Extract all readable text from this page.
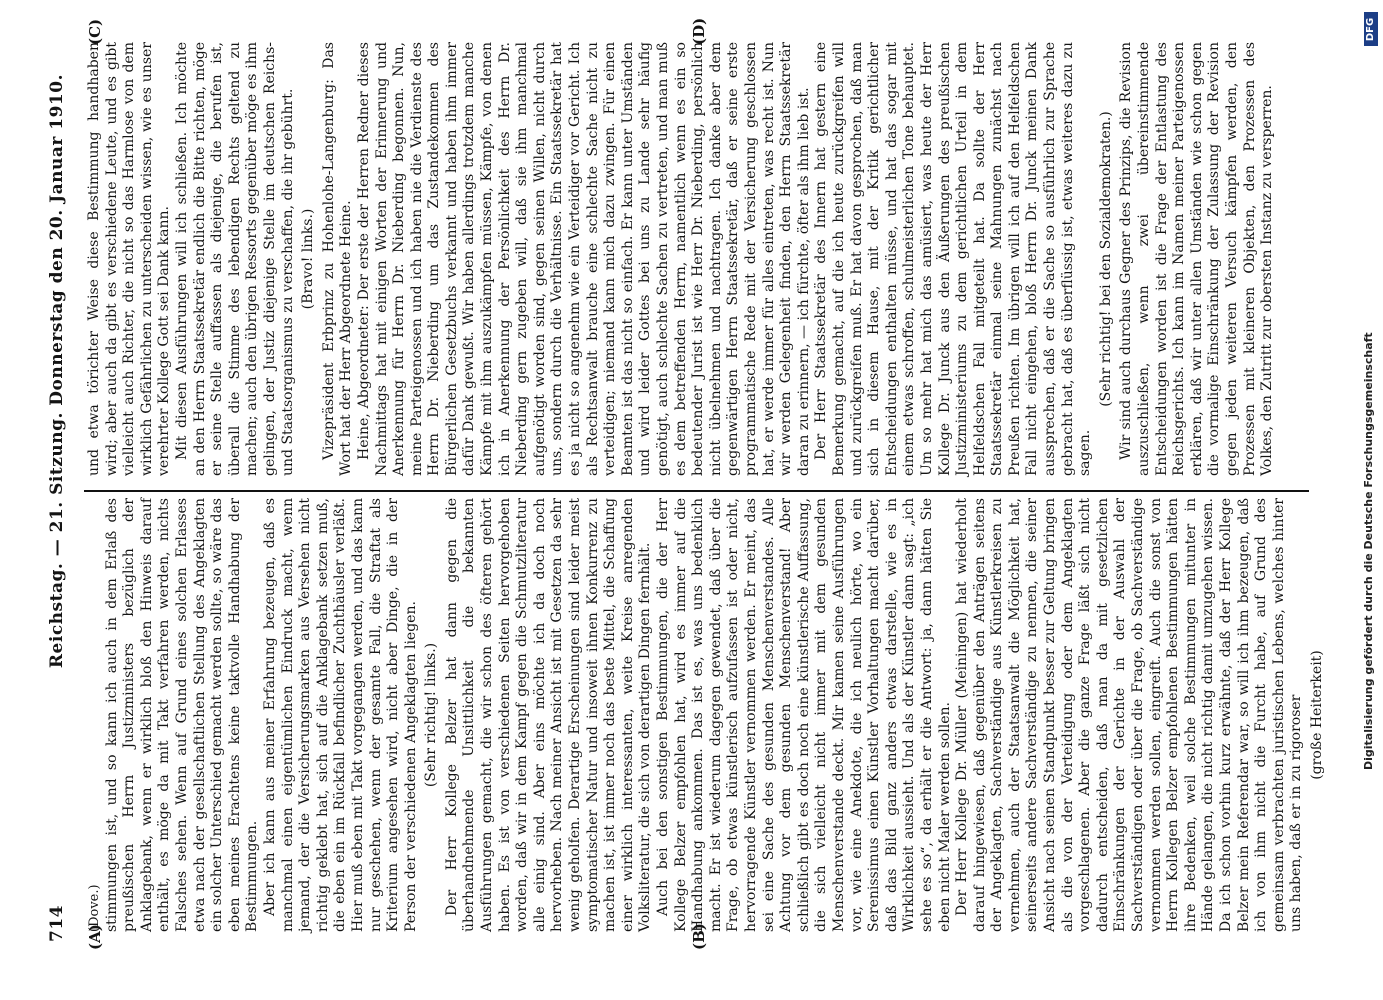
714
Reichstag. — 21. Sitzung. Donnerstag den 20. Januar 1910.
(A)	(B)
(C)	(D)

(Dove.) stimmungen ist, und so kann ich auch in dem Erlaß des preußischen Herrn Justizministers bezüglich der Anklagebank, wenn er wirklich bloß den Hinweis darauf enthält, es möge da mit Takt verfahren werden, nichts Falsches sehen. Wenn auf Grund eines solchen Erlasses etwa nach der gesellschaftlichen Stellung des Angeklagten ein solcher Unterschied gemacht werden sollte, so wäre das eben meines Erachtens keine taktvolle Handhabung der Bestimmungen. Aber ich kann aus meiner Erfahrung bezeugen, daß es manchmal einen eigentümlichen Eindruck macht, wenn jemand, der die Versicherungsmarken aus Versehen nicht richtig geklebt hat, sich auf die Anklagebank setzen muß, die eben ein im Rückfall befindlicher Zuchthäusler verläßt. Hier muß eben mit Takt vorgegangen werden, und das kann nur geschehen, wenn der gesamte Fall, die Straftat als Kriterium angesehen wird, nicht aber Dinge, die in der Person der verschiedenen Angeklagten liegen. (Sehr richtig! links.) Der Herr Kollege Belzer hat dann gegen die überhandnehmende Unsittlichkeit die bekannten Ausführungen gemacht, die wir schon des öfteren gehört haben. Es ist von verschiedenen Seiten hervorgehoben worden, daß wir in dem Kampf gegen die Schmutzliteratur alle einig sind. Aber eins möchte ich da doch noch hervorheben. Nach meiner Ansicht ist mit Gesetzen da sehr wenig geholfen. Derartige Erscheinungen sind leider meist symptomatischer Natur und insoweit ihnen Konkurrenz zu machen ist, ist immer noch das beste Mittel, die Schaffung einer wirklich interessanten, weite Kreise anregenden Volksliteratur, die sich von derartigen Dingen fernhält. Auch bei den sonstigen Bestimmungen, die der Herr Kollege Belzer empfohlen hat, wird es immer auf die Handhabung ankommen. Das ist es, was uns bedenklich macht. Er ist wiederum dagegen gewendet, daß über die Frage, ob etwas künstlerisch aufzufassen ist oder nicht, hervorragende Künstler vernommen werden. Er meint, das sei eine Sache des gesunden Menschenverstandes. Alle Achtung vor dem gesunden Menschenverstand! Aber schließlich gibt es doch noch eine künstlerische Auffassung, die sich vielleicht nicht immer mit dem gesunden Menschenverstande deckt. Mir kamen seine Ausführungen vor, wie eine Anekdote, die ich neulich hörte, wo ein Serenissimus einen Künstler Vorhaltungen macht darüber, daß das Bild ganz anders etwas darstelle, wie es in Wirklichkeit aussieht. Und als der Künstler dann sagt: „ich sehe es so“, da erhält er die Antwort: ja, dann hätten Sie eben nicht Maler werden sollen. Der Herr Kollege Dr. Müller (Meiningen) hat wiederholt darauf hingewiesen, daß gegenüber den Anträgen seitens der Angeklagten, Sachverständige aus Künstlerkreisen zu vernehmen, auch der Staatsanwalt die Möglichkeit hat, seinerseits andere Sachverständige zu nennen, die seiner Ansicht nach seinen Standpunkt besser zur Geltung bringen als die von der Verteidigung oder dem Angeklagten vorgeschlagenen. Aber die ganze Frage läßt sich nicht dadurch entscheiden, daß man da mit gesetzlichen Einschränkungen der Gerichte in der Auswahl der Sachverständigen oder über die Frage, ob Sachverständige vernommen werden sollen, eingreift. Auch die sonst von Herrn Kollegen Belzer empfohlenen Bestimmungen hätten ihre Bedenken, weil solche Bestimmungen mitunter in Hände gelangen, die nicht richtig damit umzugehen wissen. Da ich schon vorhin kurz erwähnte, daß der Herr Kollege Belzer mein Referendar war, so will ich ihm bezeugen, daß ich von ihm nicht die Furcht habe, auf Grund des gemeinsam verbrachten juristischen Lebens, welches hinter uns haben, daß er in zu rigoroser (große Heiterkeit)

und etwa törichter Weise diese Bestimmung handhaben wird; aber auch da gibt es verschiedene Leute, und es gibt vielleicht auch Richter, die nicht so das Harmlose von dem wirklich Gefährlichen zu unterscheiden wissen, wie es unser verehrter Kollege Gott sei Dank kann. Mit diesen Ausführungen will ich schließen. Ich möchte an den Herrn Staatssekretär endlich die Bitte richten, möge er seine Stelle auffassen als diejenige, die berufen ist, überall die Stimme des lebendigen Rechts geltend zu machen; auch den übrigen Ressorts gegenüber möge es ihm gelingen, der Justiz diejenige Stelle im deutschen Reichs- und Staatsorganismus zu verschaffen, die ihr gebührt. (Bravo! links.) Vizepräsident Erbprinz zu Hohenlohe-Langenburg: Das Wort hat der Herr Abgeordnete Heine. Heine, Abgeordneter: Der erste der Herren Redner dieses Nachmittags hat mit einigen Worten der Erinnerung und Anerkennung für Herrn Dr. Nieberding begonnen. Nun, meine Parteigenossen und ich haben nie die Verdienste des Herrn Dr. Nieberding um das Zustandekommen des Bürgerlichen Gesetzbuchs verkannt und haben ihm immer dafür Dank gewußt. Wir haben allerdings trotzdem manche Kämpfe mit ihm auszukämpfen müssen, Kämpfe, von denen ich in Anerkennung der Persönlichkeit des Herrn Dr. Nieberding gern zugeben will, daß sie ihm manchmal aufgenötigt worden sind, gegen seinen Willen, nicht durch uns, sondern durch die Verhältnisse. Ein Staatssekretär hat es ja nicht so angenehm wie ein Verteidiger vor Gericht. Ich als Rechtsanwalt brauche eine schlechte Sache nicht zu verteidigen; niemand kann mich dazu zwingen. Für einen Beamten ist das nicht so einfach. Er kann unter Umständen und wird leider Gottes bei uns zu Lande sehr häufig genötigt, auch schlechte Sachen zu vertreten, und man muß es dem betreffenden Herrn, namentlich wenn es ein so bedeutender Jurist ist wie Herr Dr. Nieberding, persönlich nicht übelnehmen und nachtragen. Ich danke aber dem gegenwärtigen Herrn Staatssekretär, daß er seine erste programmatische Rede mit der Versicherung geschlossen hat, er werde immer für alles eintreten, was recht ist. Nun wir werden Gelegenheit finden, den Herrn Staatssekretär daran zu erinnern, — ich fürchte, öfter als ihm lieb ist. Der Herr Staatssekretär des Innern hat gestern eine Bemerkung gemacht, auf die ich heute zurückgreifen will und zurückgreifen muß. Er hat davon gesprochen, daß man sich in diesem Hause, mit der Kritik gerichtlicher Entscheidungen enthalten müsse, und hat das sogar mit einem etwas schroffen, schulmeisterlichen Tone behauptet. Um so mehr hat mich das amüsiert, was heute der Herr Kollege Dr. Junck aus den Äußerungen des preußischen Justizministeriums zu dem gerichtlichen Urteil in dem Helfeldschen Fall mitgeteilt hat. Da sollte der Herr Staatssekretär einmal seine Mahnungen zunächst nach Preußen richten. Im übrigen will ich auf den Helfeldschen Fall nicht eingehen, bloß Herrn Dr. Junck meinen Dank aussprechen, daß er die Sache so ausführlich zur Sprache gebracht hat, daß es überflüssig ist, etwas weiteres dazu zu sagen.

(Sehr richtig! bei den Sozialdemokraten.) Wir sind auch durchaus Gegner des Prinzips, die Revision auszuschließen, wenn zwei übereinstimmende Entscheidungen worden ist die Frage der Entlastung des Reichsgerichts. Ich kann im Namen meiner Parteigenossen erklären, daß wir unter allen Umständen wie schon gegen die vormalige Einschränkung der Zulassung der Revision gegen jeden weiteren Versuch kämpfen werden, den Prozessen mit kleineren Objekten, den Prozessen des Volkes, den Zutritt zur obersten Instanz zu versperren.

DFG
Digitalisierung gefördert durch die Deutsche Forschungsgemeinschaft
